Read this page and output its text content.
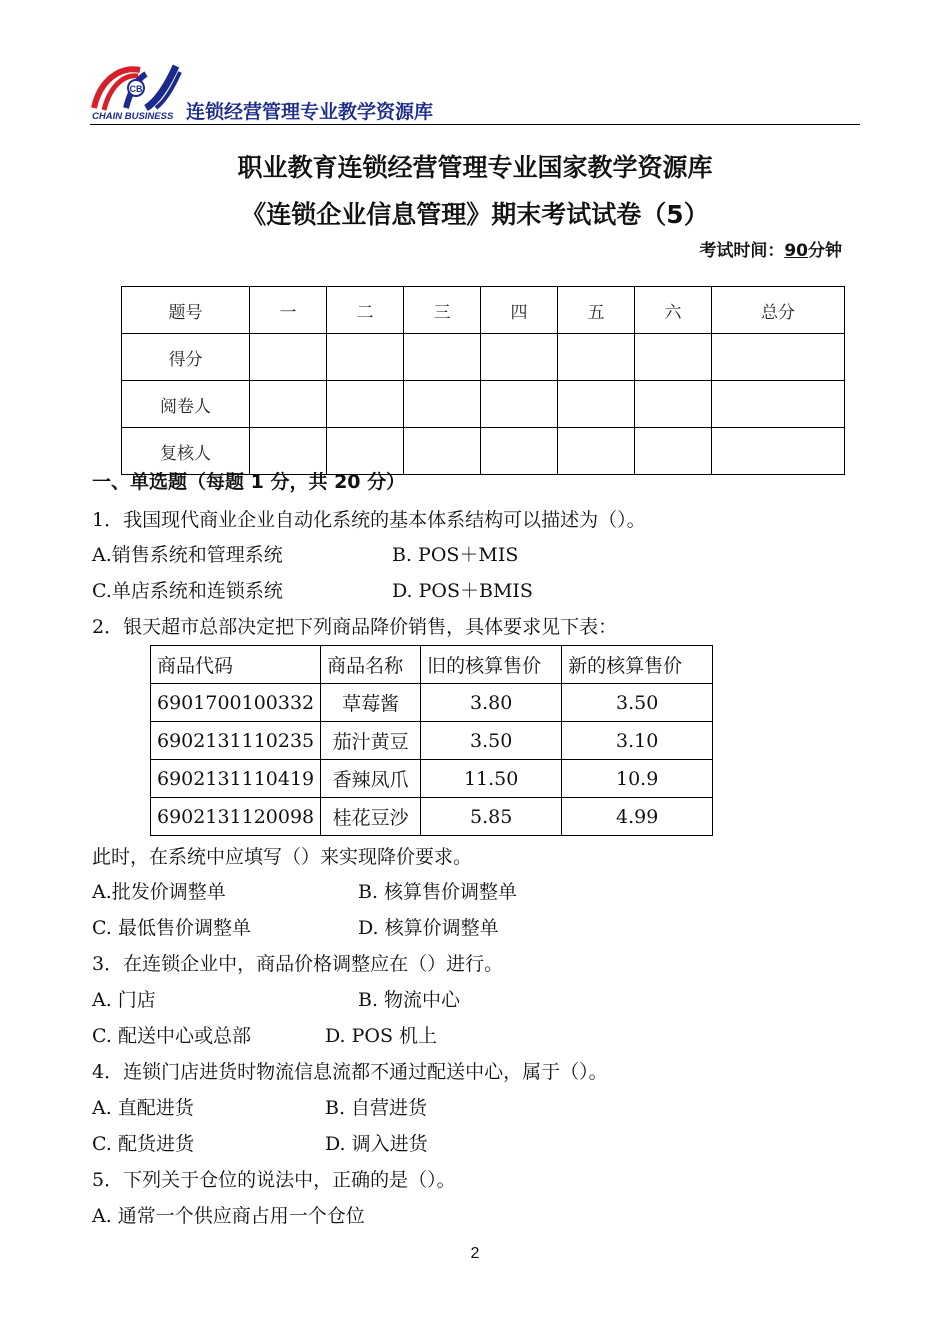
CB
连锁经营管理专业教学资源库
CHAIN BUSINESS
职业教育连锁经营管理专业国家教学资源库
《连锁企业信息管理》期末考试试卷（5）
考试时间：90分钟
题号	一	二	三	四	五	六	总分
得分							
阅卷人							
复核人							
一、单选题（每题 1 分，共 20 分）
1．我国现代商业企业自动化系统的基本体系结构可以描述为（）。
A.销售系统和管理系统	B. POS＋MIS
C.单店系统和连锁系统	D. POS＋BMIS
2．银天超市总部决定把下列商品降价销售，具体要求见下表：
商品代码	商品名称	旧的核算售价	新的核算售价
6901700100332	草莓酱	3.80	3.50
6902131110235	茄汁黄豆	3.50	3.10
6902131110419	香辣凤爪	11.50	10.9
6902131120098	桂花豆沙	5.85	4.99
此时，在系统中应填写（）来实现降价要求。
A.批发价调整单	B. 核算售价调整单
C. 最低售价调整单	D. 核算价调整单
3．在连锁企业中，商品价格调整应在（）进行。
A. 门店	B. 物流中心
C. 配送中心或总部	D. POS 机上
4．连锁门店进货时物流信息流都不通过配送中心，属于（）。
A. 直配进货	B. 自营进货
C. 配货进货	D. 调入进货
5．下列关于仓位的说法中，正确的是（）。
A. 通常一个供应商占用一个仓位
2
